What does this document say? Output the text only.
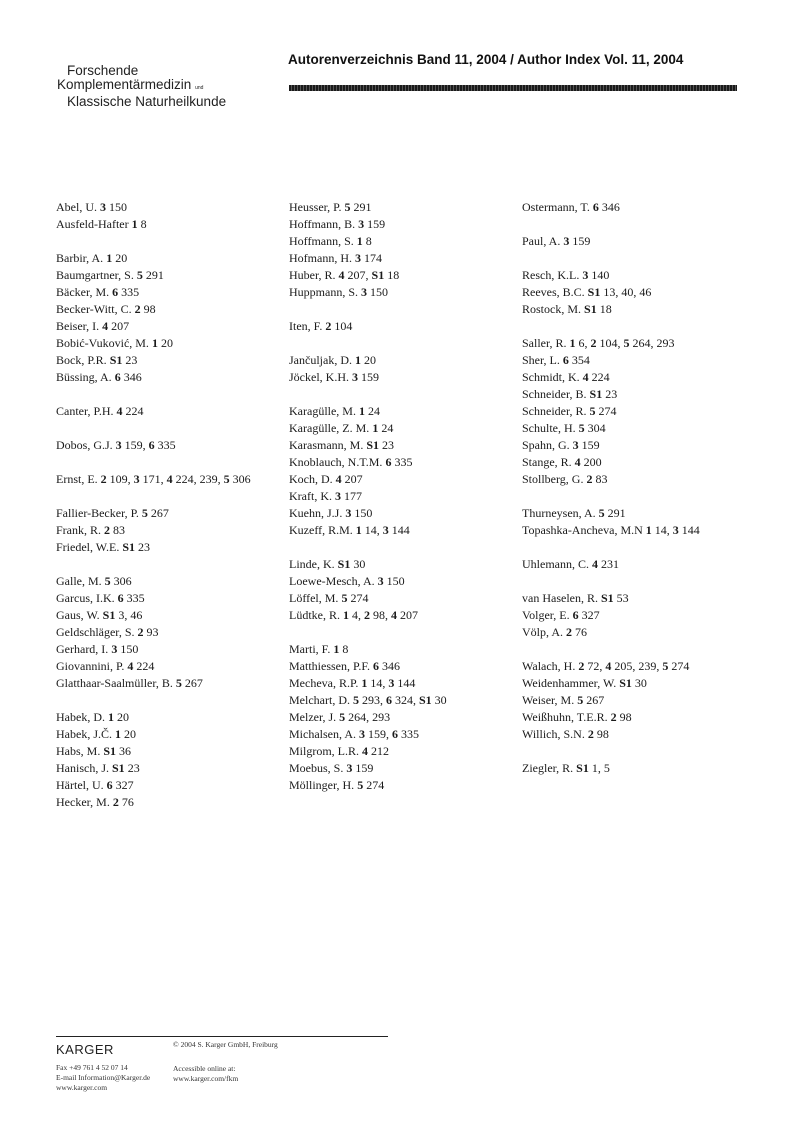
Forschende
Komplementärmedizin und
Klassische Naturheilkunde
Autorenverzeichnis Band 11, 2004 / Author Index Vol. 11, 2004
Abel, U. 3 150
Ausfeld-Hafter 1 8
Barbir, A. 1 20
Baumgartner, S. 5 291
Bäcker, M. 6 335
Becker-Witt, C. 2 98
Beiser, I. 4 207
Bobić-Vuković, M. 1 20
Bock, P.R. S1 23
Büssing, A. 6 346
Canter, P.H. 4 224
Dobos, G.J. 3 159, 6 335
Ernst, E. 2 109, 3 171, 4 224, 239, 5 306
Fallier-Becker, P. 5 267
Frank, R. 2 83
Friedel, W.E. S1 23
Galle, M. 5 306
Garcus, I.K. 6 335
Gaus, W. S1 3, 46
Geldschläger, S. 2 93
Gerhard, I. 3 150
Giovannini, P. 4 224
Glatthaar-Saalmüller, B. 5 267
Habek, D. 1 20
Habek, J.Č. 1 20
Habs, M. S1 36
Hanisch, J. S1 23
Härtel, U. 6 327
Hecker, M. 2 76
Heusser, P. 5 291
Hoffmann, B. 3 159
Hoffmann, S. 1 8
Hofmann, H. 3 174
Huber, R. 4 207, S1 18
Huppmann, S. 3 150
Iten, F. 2 104
Jančuljak, D. 1 20
Jöckel, K.H. 3 159
Karagülle, M. 1 24
Karagülle, Z. M. 1 24
Karasmann, M. S1 23
Knoblauch, N.T.M. 6 335
Koch, D. 4 207
Kraft, K. 3 177
Kuehn, J.J. 3 150
Kuzeff, R.M. 1 14, 3 144
Linde, K. S1 30
Loewe-Mesch, A. 3 150
Löffel, M. 5 274
Lüdtke, R. 1 4, 2 98, 4 207
Marti, F. 1 8
Matthiessen, P.F. 6 346
Mecheva, R.P. 1 14, 3 144
Melchart, D. 5 293, 6 324, S1 30
Melzer, J. 5 264, 293
Michalsen, A. 3 159, 6 335
Milgrom, L.R. 4 212
Moebus, S. 3 159
Möllinger, H. 5 274
Ostermann, T. 6 346
Paul, A. 3 159
Resch, K.L. 3 140
Reeves, B.C. S1 13, 40, 46
Rostock, M. S1 18
Saller, R. 1 6, 2 104, 5 264, 293
Sher, L. 6 354
Schmidt, K. 4 224
Schneider, B. S1 23
Schneider, R. 5 274
Schulte, H. 5 304
Spahn, G. 3 159
Stange, R. 4 200
Stollberg, G. 2 83
Thurneysen, A. 5 291
Topashka-Ancheva, M.N 1 14, 3 144
Uhlemann, C. 4 231
van Haselen, R. S1 53
Volger, E. 6 327
Völp, A. 2 76
Walach, H. 2 72, 4 205, 239, 5 274
Weidenhammer, W. S1 30
Weiser, M. 5 267
Weißhuhn, T.E.R. 2 98
Willich, S.N. 2 98
Ziegler, R. S1 1, 5
KARGER
Fax +49 761 4 52 07 14
E-mail Information@Karger.de
www.karger.com
© 2004 S. Karger GmbH, Freiburg
Accessible online at:
www.karger.com/fkm
